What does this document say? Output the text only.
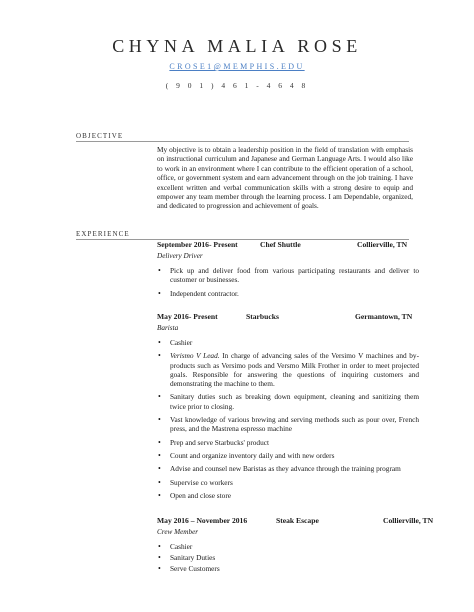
CHYNA MALIA ROSE
CROSE1@MEMPHIS.EDU
( 9 0 1 ) 4 6 1 - 4 6 4 8
OBJECTIVE
My objective is to obtain a leadership position in the field of translation with emphasis on instructional curriculum and Japanese and German Language Arts. I would also like to work in an environment where I can contribute to the efficient operation of a school, office, or government system and earn advancement through on the job training. I have excellent written and verbal communication skills with a strong desire to equip and empower any team member through the learning process. I am Dependable, organized, and dedicated to progression and achievement of goals.
EXPERIENCE
September 2016- Present	Chef Shuttle	Collierville, TN
Delivery Driver
• Pick up and deliver food from various participating restaurants and deliver to customer or businesses.
• Independent contractor.
May 2016- Present	Starbucks	Germantown, TN
Barista
• Cashier
• Verismo V Lead. In charge of advancing sales of the Versimo V machines and by-products such as Versimo pods and Versmo Milk Frother in order to meet projected goals. Responsible for answering the questions of inquiring customers and demonstrating the machine to them.
• Sanitary duties such as breaking down equipment, cleaning and sanitizing them twice prior to closing.
• Vast knowledge of various brewing and serving methods such as pour over, French press, and the Mastrena espresso machine
• Prep and serve Starbucks' product
• Count and organize inventory daily and with new orders
• Advise and counsel new Baristas as they advance through the training program
• Supervise co workers
• Open and close store
May 2016 – November 2016	Steak Escape	Collierville, TN
Crew Member
• Cashier
• Sanitary Duties
• Serve Customers
